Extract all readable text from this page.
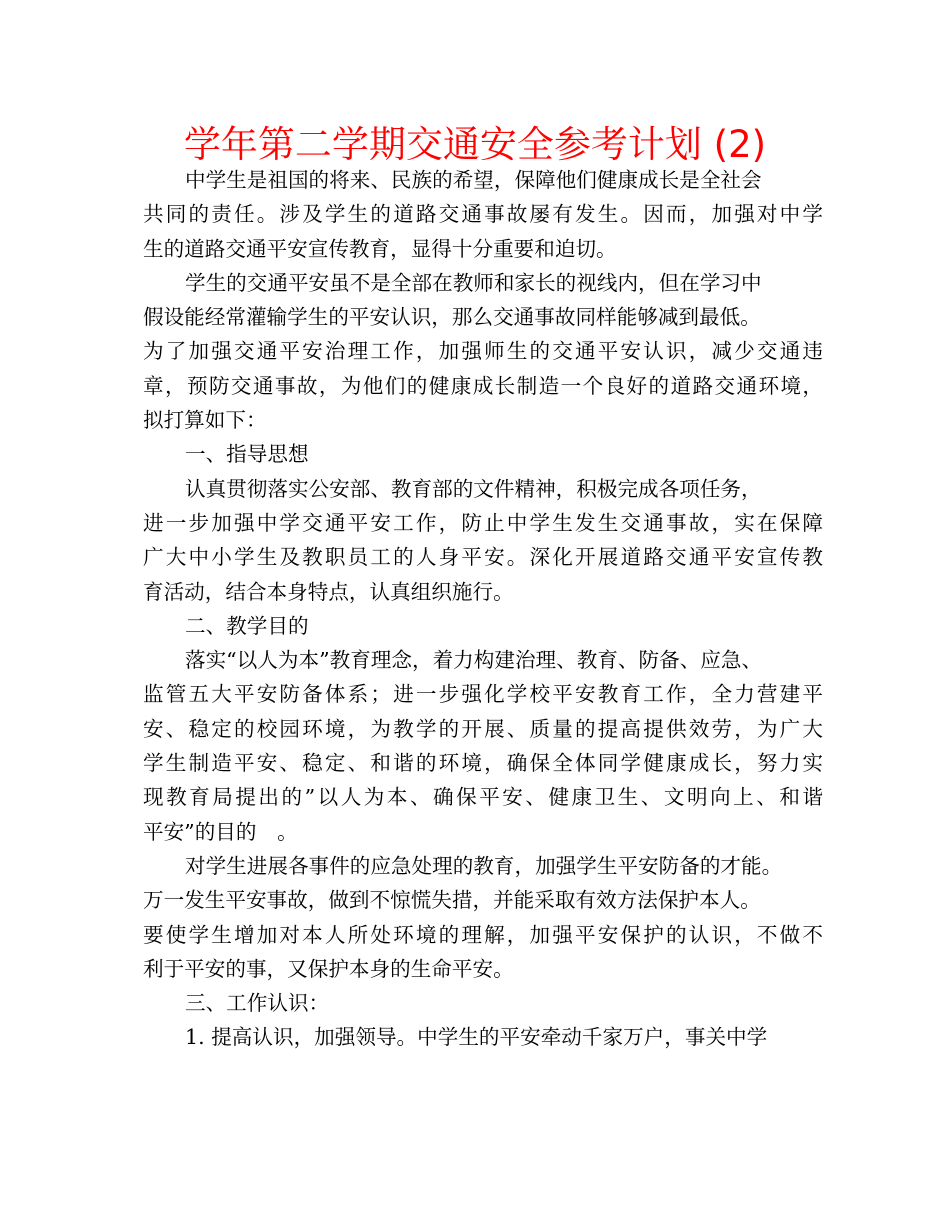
学年第二学期交通安全参考计划 (2)
中学生是祖国的将来、民族的希望，保障他们健康成长是全社会
共同的责任。涉及学生的道路交通事故屡有发生。因而，加强对中学
生的道路交通平安宣传教育，显得十分重要和迫切。
学生的交通平安虽不是全部在教师和家长的视线内，但在学习中
假设能经常灌输学生的平安认识，那么交通事故同样能够减到最低。
为了加强交通平安治理工作，加强师生的交通平安认识，减少交通违
章，预防交通事故，为他们的健康成长制造一个良好的道路交通环境，
拟打算如下：
一、指导思想
认真贯彻落实公安部、教育部的文件精神，积极完成各项任务，
进一步加强中学交通平安工作，防止中学生发生交通事故，实在保障
广大中小学生及教职员工的人身平安。深化开展道路交通平安宣传教
育活动，结合本身特点，认真组织施行。
二、教学目的
落实“以人为本”教育理念，着力构建治理、教育、防备、应急、
监管五大平安防备体系；进一步强化学校平安教育工作，全力营建平
安、稳定的校园环境，为教学的开展、质量的提高提供效劳，为广大
学生制造平安、稳定、和谐的环境，确保全体同学健康成长，努力实
现教育局提出的”以人为本、确保平安、健康卫生、文明向上、和谐
平安”的目的　。
对学生进展各事件的应急处理的教育，加强学生平安防备的才能。
万一发生平安事故，做到不惊慌失措，并能采取有效方法保护本人。
要使学生增加对本人所处环境的理解，加强平安保护的认识，不做不
利于平安的事，又保护本身的生命平安。
三、工作认识：
1. 提高认识，加强领导。中学生的平安牵动千家万户，事关中学
